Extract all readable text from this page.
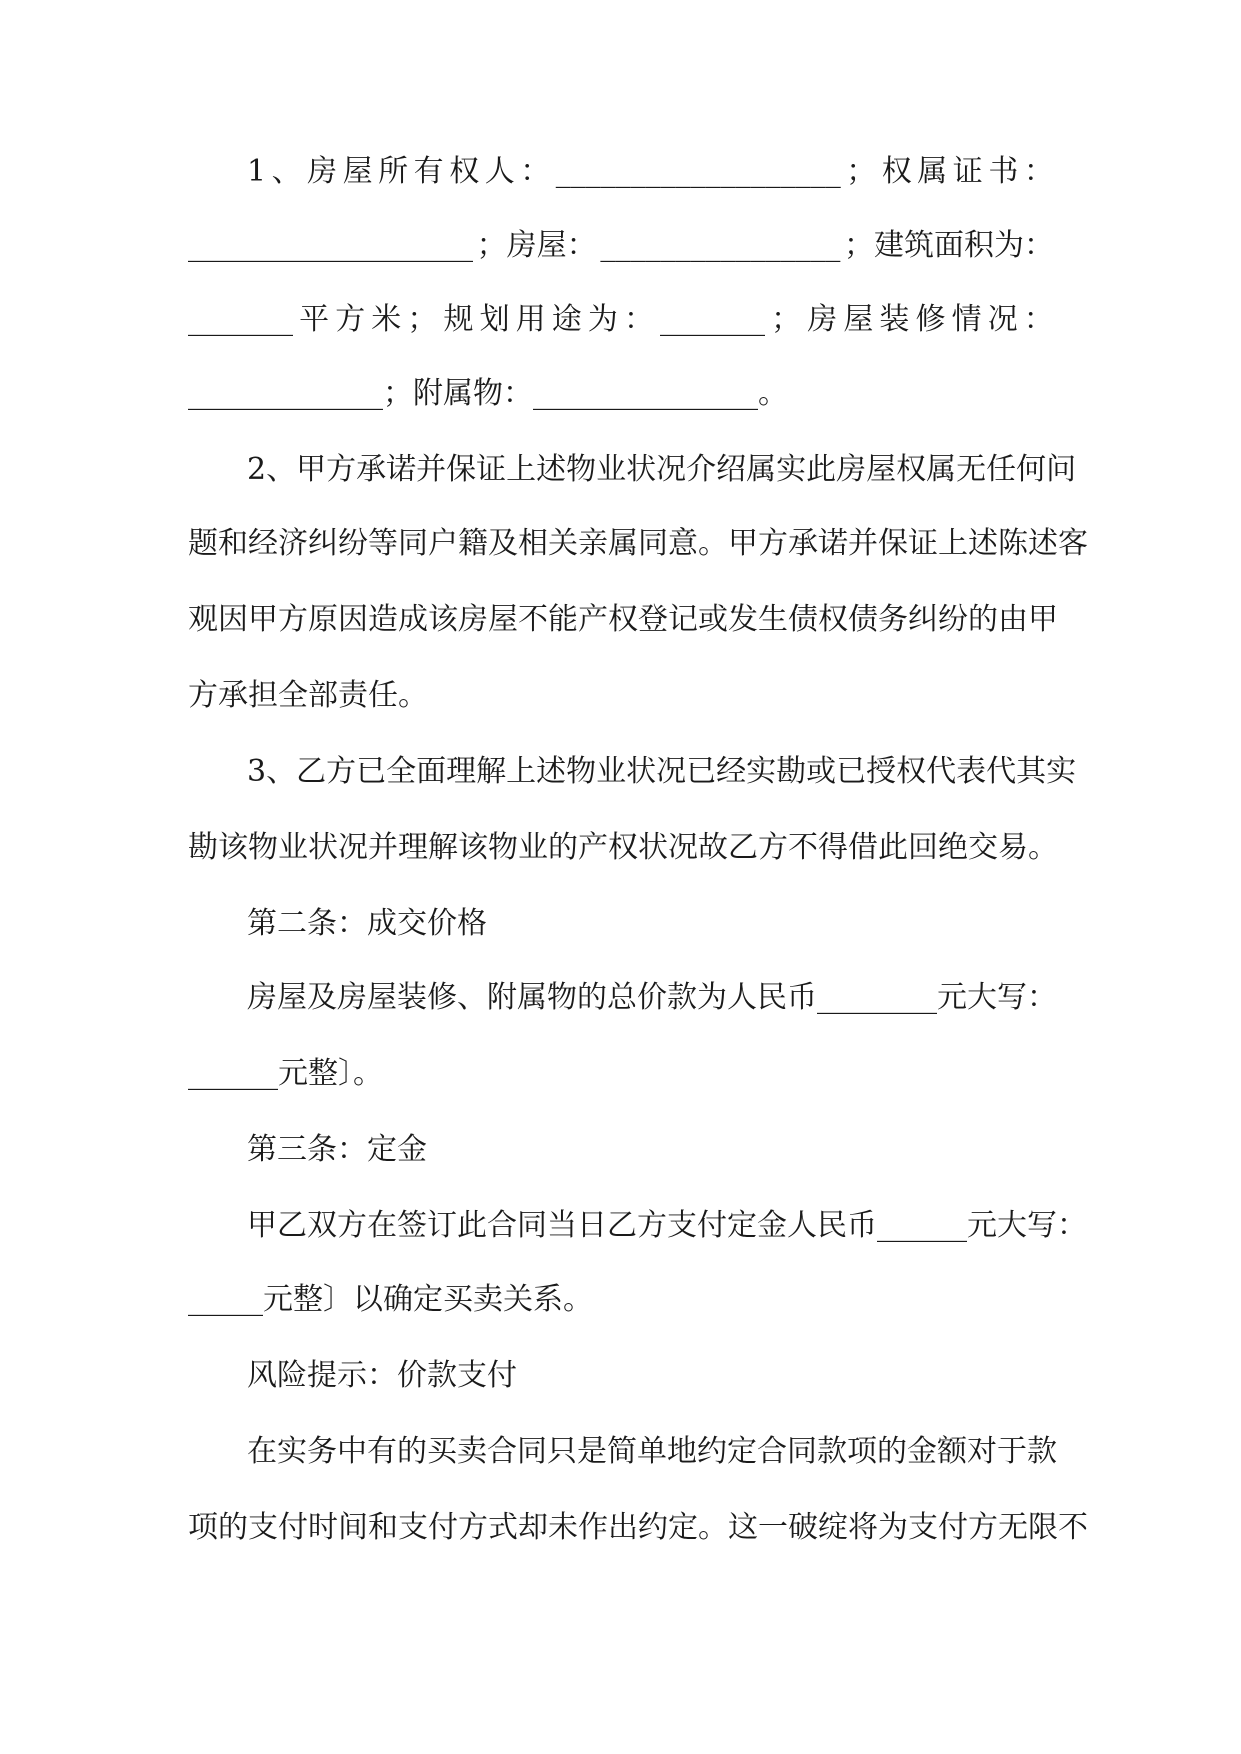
1 、 房 屋 所 有 权 人 ： ___________________ ； 权 属 证 书 ：
___________________ ；房屋： ________________ ；建筑面积为：
_______ 平 方 米 ； 规 划 用 途 为 ： _______ ； 房 屋 装 修 情 况 ：
_____________；附属物：_______________。
2 、 甲 方 承 诺 并 保 证 上 述 物 业 状 况 介 绍 属 实 此 房 屋 权 属 无 任 何 问
题 和 经 济 纠 纷 等 同 户 籍 及 相 关 亲 属 同 意 。 甲 方 承 诺 并 保 证 上 述 陈 述 客
观 因 甲 方 原 因 造 成 该 房 屋 不 能 产 权 登 记 或 发 生 债 权 债 务 纠 纷 的 由 甲
方承担全部责任。
3 、 乙 方 已 全 面 理 解 上 述 物 业 状 况 已 经 实 勘 或 已 授 权 代 表 代 其 实
勘该物业状况并理解该物业的产权状况故乙方不得借此回绝交易。
第二条：成交价格
房 屋 及 房 屋 装 修 、 附 属 物 的 总 价 款 为 人 民 币 _ _ _ _ _ _ _ _ 元 大 写 ：
______元整〕。
第三条：定金
甲 乙 双 方 在 签 订 此 合 同 当 日 乙 方 支 付 定 金 人 民 币 _ _ _ _ _ _ 元 大 写 ：
_____元整〕以确定买卖关系。
风险提示：价款支付
在 实 务 中 有 的 买 卖 合 同 只 是 简 单 地 约 定 合 同 款 项 的 金 额 对 于 款
项 的 支 付 时 间 和 支 付 方 式 却 未 作 出 约 定 。 这 一 破 绽 将 为 支 付 方 无 限 不
